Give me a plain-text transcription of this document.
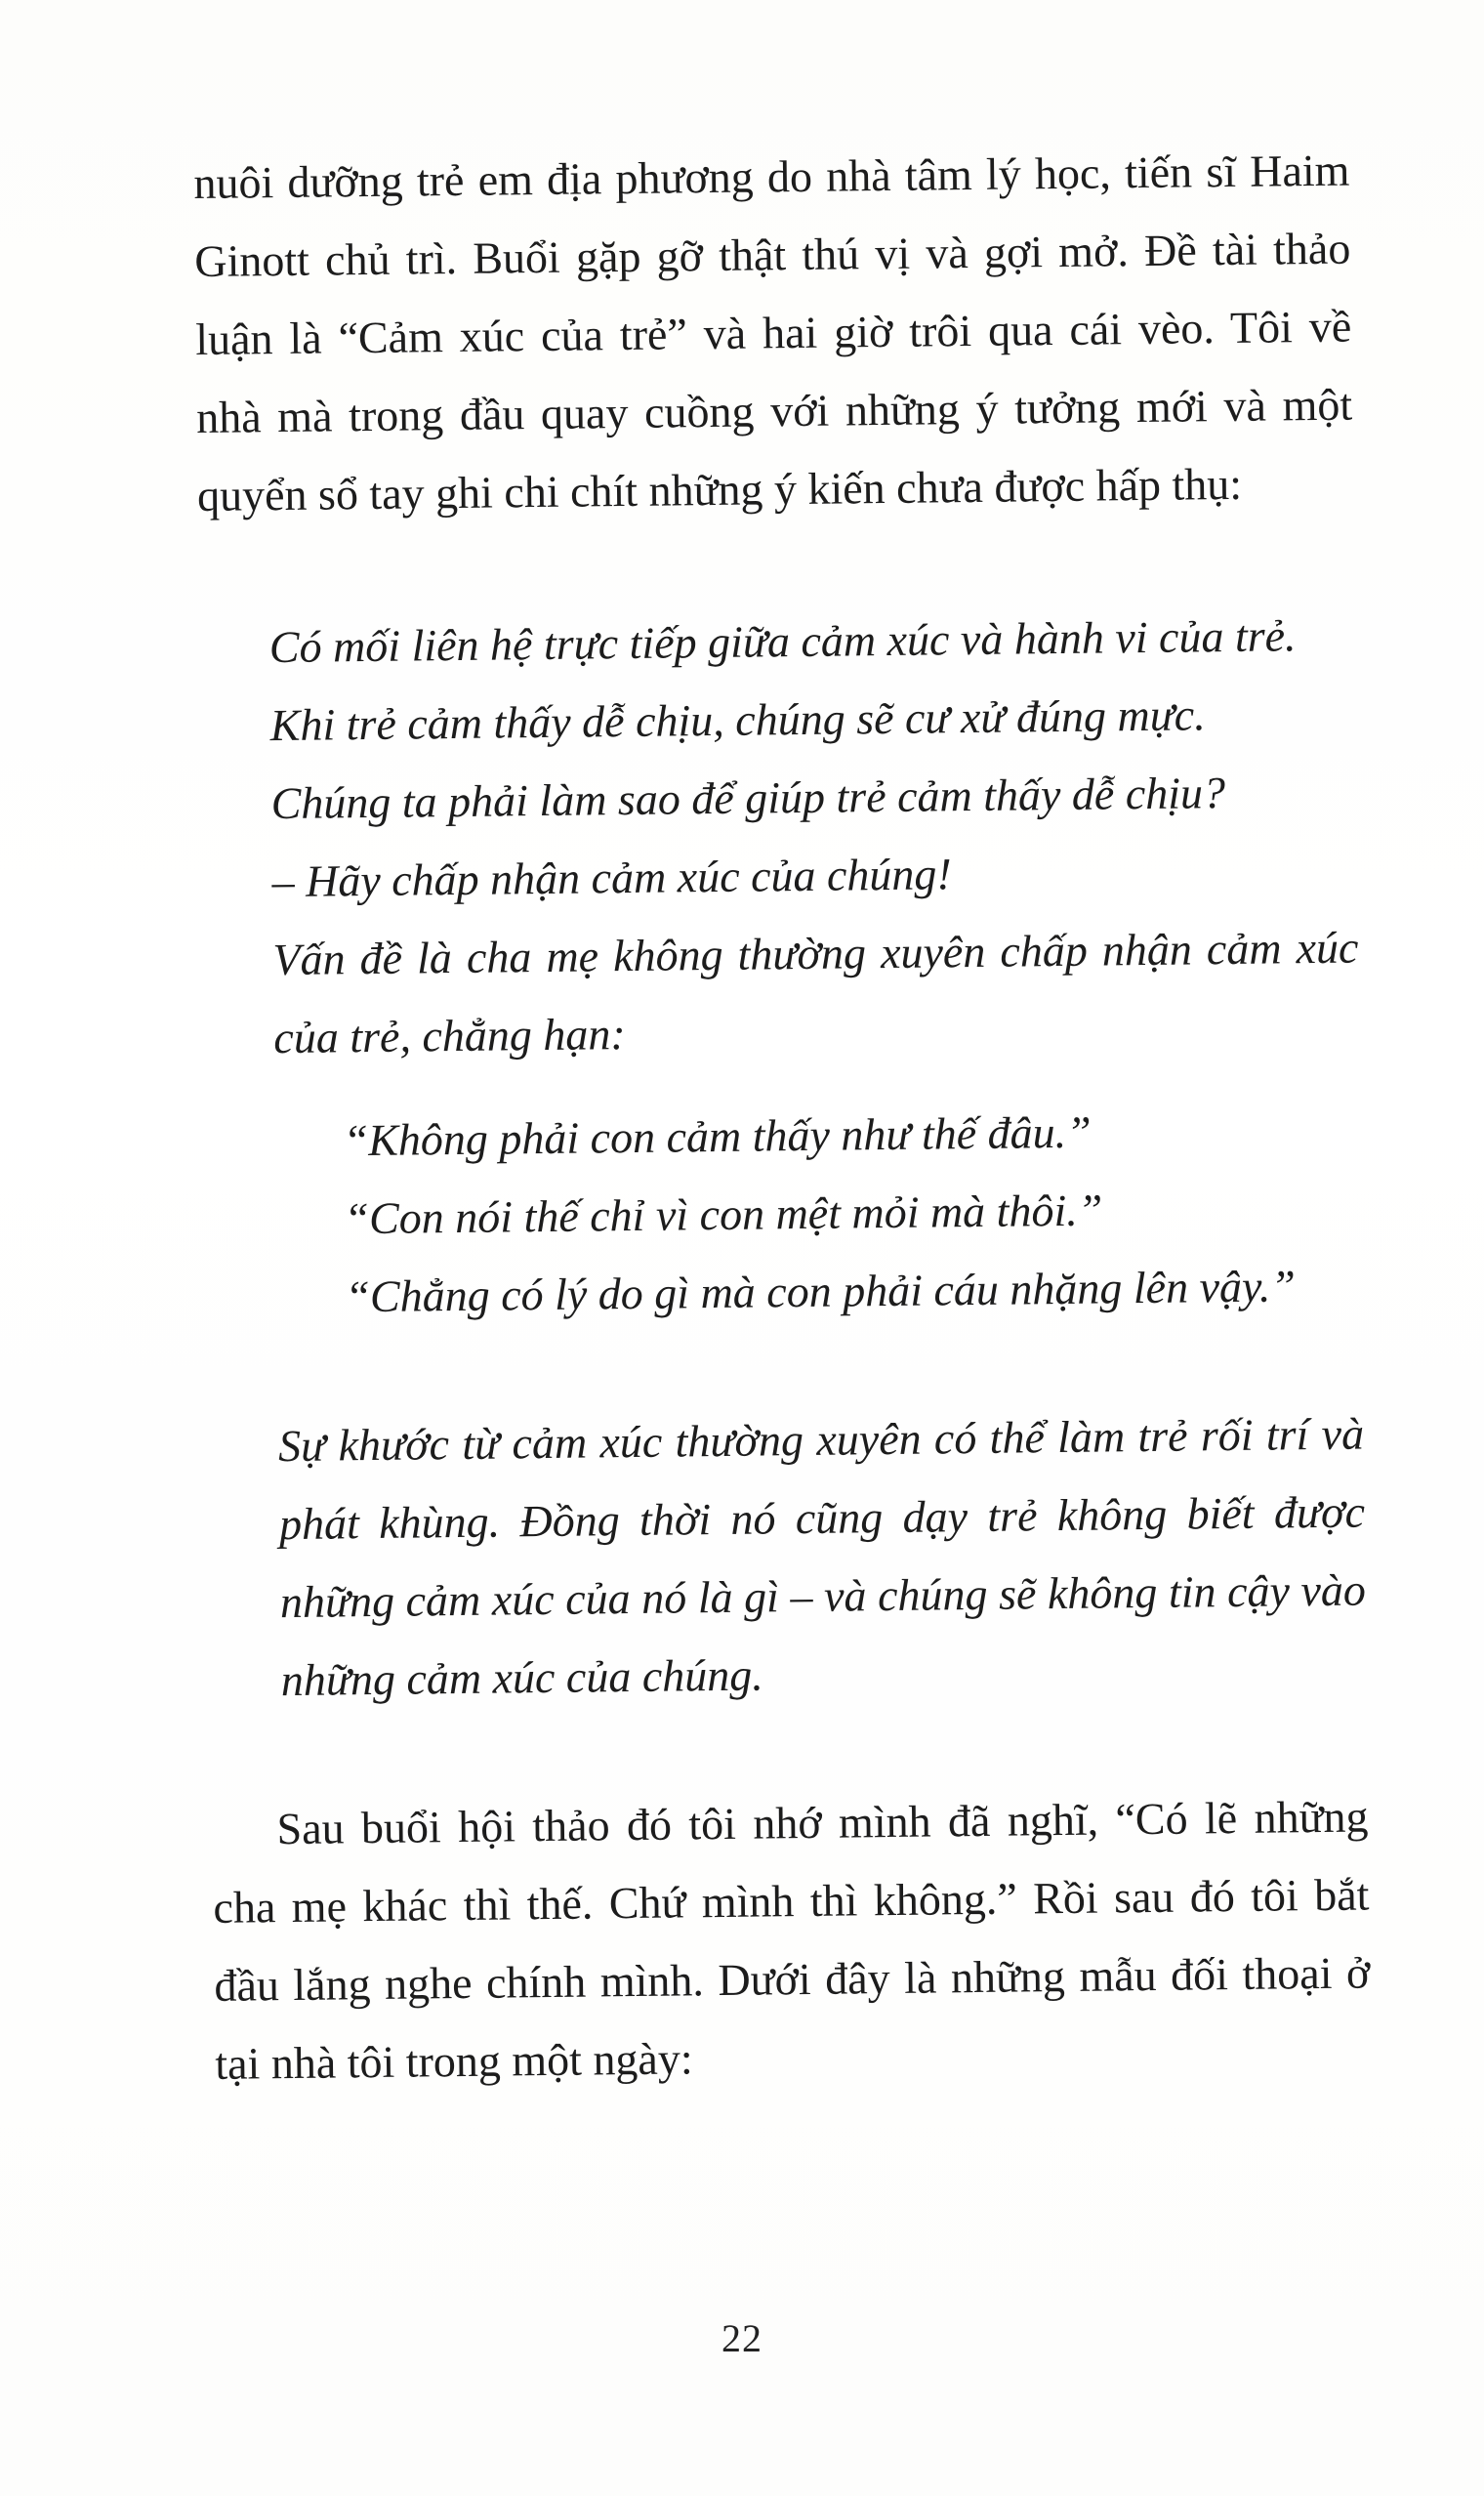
nuôi dưỡng trẻ em địa phương do nhà tâm lý học, tiến sĩ Haim Ginott chủ trì. Buổi gặp gỡ thật thú vị và gợi mở. Đề tài thảo luận là “Cảm xúc của trẻ” và hai giờ trôi qua cái vèo. Tôi về nhà mà trong đầu quay cuồng với những ý tưởng mới và một quyển sổ tay ghi chi chít những ý kiến chưa được hấp thụ:

Có mối liên hệ trực tiếp giữa cảm xúc và hành vi của trẻ.

Khi trẻ cảm thấy dễ chịu, chúng sẽ cư xử đúng mực.

Chúng ta phải làm sao để giúp trẻ cảm thấy dễ chịu?

– Hãy chấp nhận cảm xúc của chúng!

Vấn đề là cha mẹ không thường xuyên chấp nhận cảm xúc của trẻ, chẳng hạn:

“Không phải con cảm thấy như thế đâu.”

“Con nói thế chỉ vì con mệt mỏi mà thôi.”

“Chẳng có lý do gì mà con phải cáu nhặng lên vậy.”

Sự khước từ cảm xúc thường xuyên có thể làm trẻ rối trí và phát khùng. Đồng thời nó cũng dạy trẻ không biết được những cảm xúc của nó là gì – và chúng sẽ không tin cậy vào những cảm xúc của chúng.

Sau buổi hội thảo đó tôi nhớ mình đã nghĩ, “Có lẽ những cha mẹ khác thì thế. Chứ mình thì không.” Rồi sau đó tôi bắt đầu lắng nghe chính mình. Dưới đây là những mẫu đối thoại ở tại nhà tôi trong một ngày:

22
